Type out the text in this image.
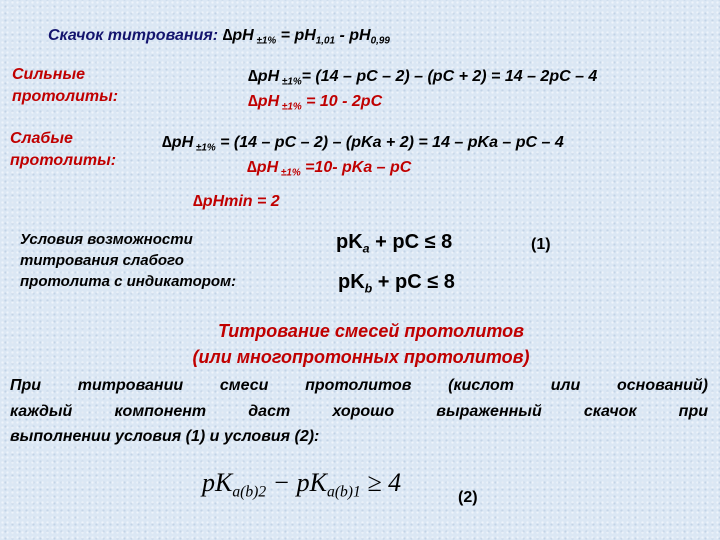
Скачок титрования: ∆pH $_{\pm 1\%} = pH_{1,01} - pH_{0,99}$
Сильные
протолиты:
∆pH $_{\pm 1\%}$= (14 – pC – 2) – (pC + 2) = 14 – 2pC – 4
∆pH $_{\pm 1\%}$ = 10 - 2pC
Слабые
протолиты:
∆pH $_{\pm 1\%}$ = (14 – pC – 2) – (pKa + 2) = 14 – pKa – pC – 4
∆pH $_{\pm 1\%}$ =10- pKa – pC
∆pHmin = 2
Условия возможности
титрования слабого
протолита с индикатором:
$pK_a$ + pC ≤ 8	(1)
$pK_b$ + pC ≤ 8
Титрование смесей протолитов
(или многопротонных протолитов)
При титровании смеси протолитов (кислот или оснований)
каждый компонент даст хорошо выраженный скачок при
выполнении условия (1) и условия (2):
$pK_{a(b)2} - pK_{a(b)1} \ge 4$
(2)
